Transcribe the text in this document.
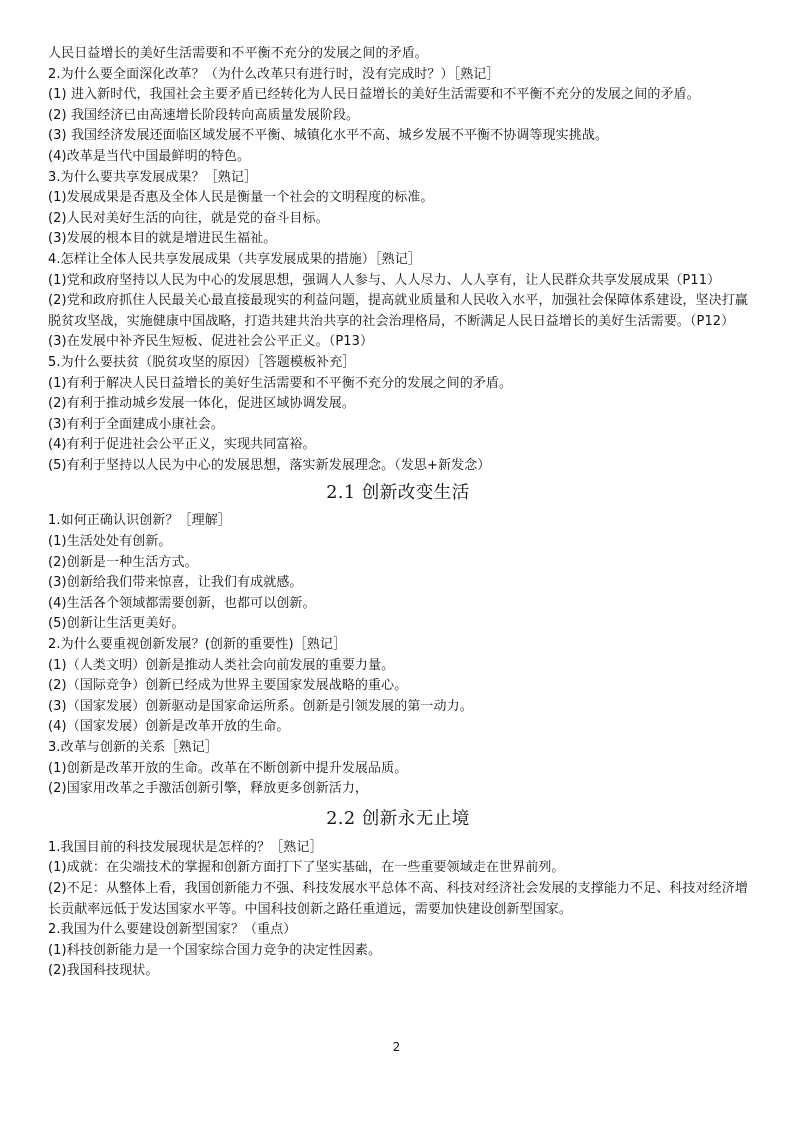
人民日益增长的美好生活需要和不平衡不充分的发展之间的矛盾。

2.为什么要全面深化改革？（为什么改革只有进行时，没有完成时？）［熟记］

(1) 进入新时代，我国社会主要矛盾已经转化为人民日益增长的美好生活需要和不平衡不充分的发展之间的矛盾。

(2) 我国经济已由高速增长阶段转向高质量发展阶段。

(3) 我国经济发展还面临区域发展不平衡、城镇化水平不高、城乡发展不平衡不协调等现实挑战。

(4)改革是当代中国最鲜明的特色。

3.为什么要共享发展成果？［熟记］

(1)发展成果是否惠及全体人民是衡量一个社会的文明程度的标准。

(2)人民对美好生活的向往，就是党的奋斗目标。

(3)发展的根本目的就是增进民生福祉。

4.怎样让全体人民共享发展成果（共享发展成果的措施）［熟记］

(1)党和政府坚持以人民为中心的发展思想，强调人人参与、人人尽力、人人享有，让人民群众共享发展成果（P11）

(2)党和政府抓住人民最关心最直接最现实的利益问题，提高就业质量和人民收入水平，加强社会保障体系建设，坚决打赢脱贫攻坚战，实施健康中国战略，打造共建共治共享的社会治理格局，不断满足人民日益增长的美好生活需要。（P12）

(3)在发展中补齐民生短板、促进社会公平正义。（P13）

5.为什么要扶贫（脱贫攻坚的原因）［答题模板补充］

(1)有利于解决人民日益增长的美好生活需要和不平衡不充分的发展之间的矛盾。

(2)有利于推动城乡发展一体化，促进区域协调发展。

(3)有利于全面建成小康社会。

(4)有利于促进社会公平正义，实现共同富裕。

(5)有利于坚持以人民为中心的发展思想，落实新发展理念。（发思+新发念）

2.1 创新改变生活

1.如何正确认识创新？［理解］

(1)生活处处有创新。

(2)创新是一种生活方式。

(3)创新给我们带来惊喜，让我们有成就感。

(4)生活各个领域都需要创新，也都可以创新。

(5)创新让生活更美好。

2.为什么要重视创新发展？(创新的重要性)［熟记］

(1)（人类文明）创新是推动人类社会向前发展的重要力量。

(2)（国际竞争）创新已经成为世界主要国家发展战略的重心。

(3)（国家发展）创新驱动是国家命运所系。创新是引领发展的第一动力。

(4)（国家发展）创新是改革开放的生命。

3.改革与创新的关系［熟记］

(1)创新是改革开放的生命。改革在不断创新中提升发展品质。

(2)国家用改革之手激活创新引擎，释放更多创新活力，

2.2 创新永无止境

1.我国目前的科技发展现状是怎样的？［熟记］

(1)成就：在尖端技术的掌握和创新方面打下了坚实基础，在一些重要领域走在世界前列。

(2)不足：从整体上看，我国创新能力不强、科技发展水平总体不高、科技对经济社会发展的支撑能力不足、科技对经济增长贡献率远低于发达国家水平等。中国科技创新之路任重道远，需要加快建设创新型国家。

2.我国为什么要建设创新型国家？（重点）

(1)科技创新能力是一个国家综合国力竞争的决定性因素。

(2)我国科技现状。

2
